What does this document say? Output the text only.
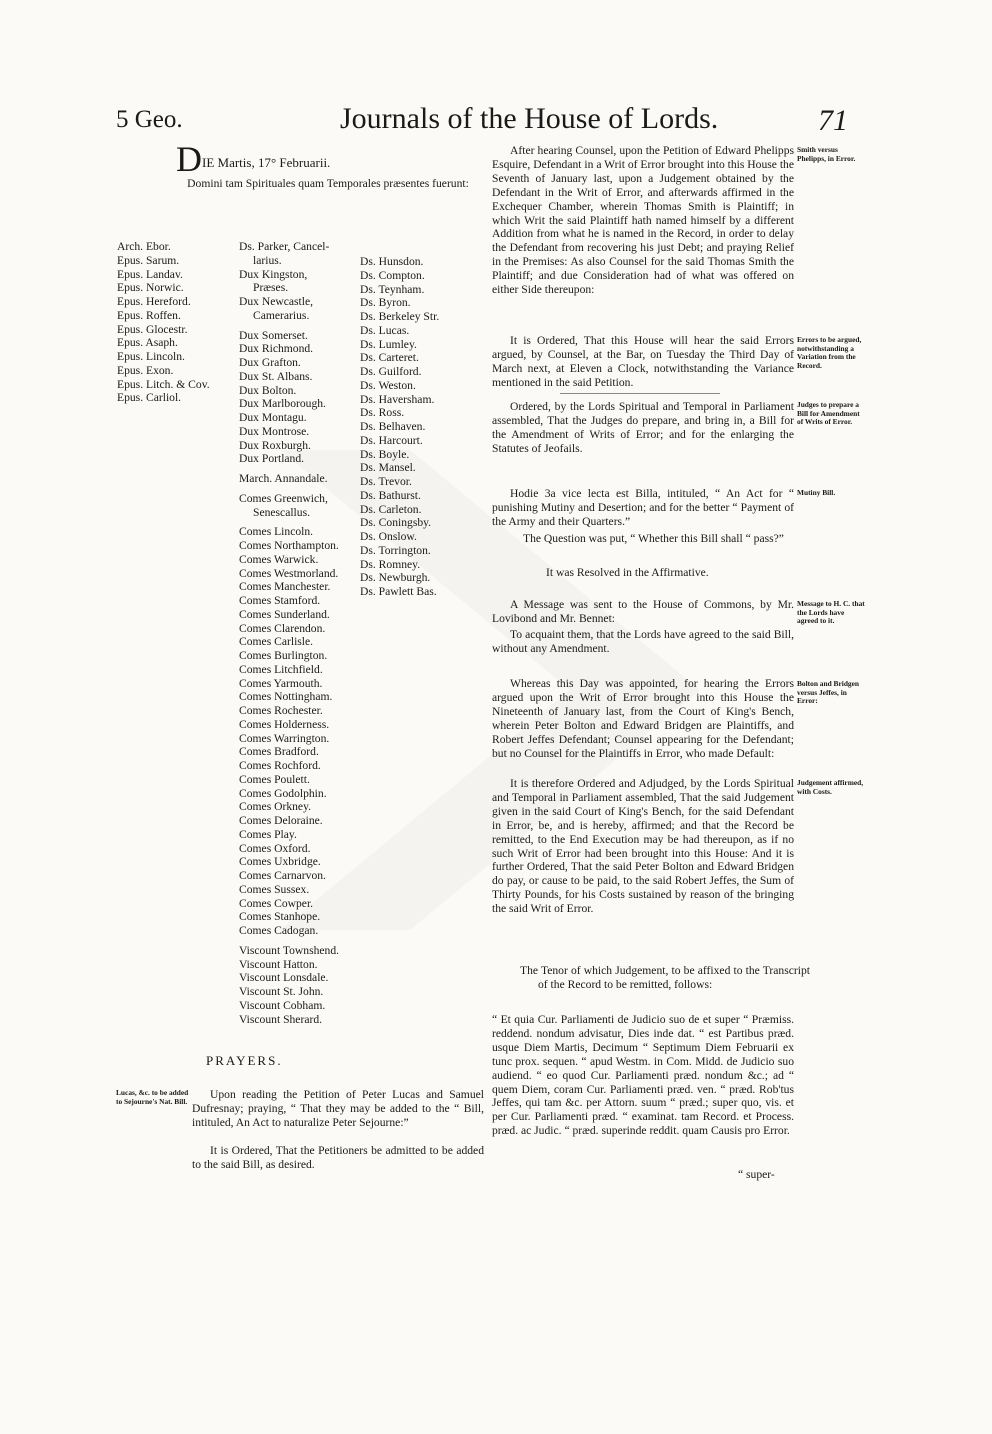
5 Geo.	Journals of the House of Lords.	71
DIE Martis, 17° Februarii.
Domini tam Spirituales quam Temporales præsentes fuerunt:
Arch. Ebor.
Epus. Sarum.
Epus. Landav.
Epus. Norwic.
Epus. Hereford.
Epus. Roffen.
Epus. Glocestr.
Epus. Asaph.
Epus. Lincoln.
Epus. Exon.
Epus. Litch. & Cov.
Epus. Carliol.
Ds. Parker, Cancel-
larius.
Dux Kingston,
Præses.
Dux Newcastle,
Camerarius.
Dux Somerset.
Dux Richmond.
Dux Grafton.
Dux St. Albans.
Dux Bolton.
Dux Marlborough.
Dux Montagu.
Dux Montrose.
Dux Roxburgh.
Dux Portland.
March. Annandale.
Comes Greenwich,
Senescallus.
Comes Lincoln.
Comes Northampton.
Comes Warwick.
Comes Westmorland.
Comes Manchester.
Comes Stamford.
Comes Sunderland.
Comes Clarendon.
Comes Carlisle.
Comes Burlington.
Comes Litchfield.
Comes Yarmouth.
Comes Nottingham.
Comes Rochester.
Comes Holderness.
Comes Warrington.
Comes Bradford.
Comes Rochford.
Comes Poulett.
Comes Godolphin.
Comes Orkney.
Comes Deloraine.
Comes Play.
Comes Oxford.
Comes Uxbridge.
Comes Carnarvon.
Comes Sussex.
Comes Cowper.
Comes Stanhope.
Comes Cadogan.
Viscount Townshend.
Viscount Hatton.
Viscount Lonsdale.
Viscount St. John.
Viscount Cobham.
Viscount Sherard.
Ds. Hunsdon.
Ds. Compton.
Ds. Teynham.
Ds. Byron.
Ds. Berkeley Str.
Ds. Lucas.
Ds. Lumley.
Ds. Carteret.
Ds. Guilford.
Ds. Weston.
Ds. Haversham.
Ds. Ross.
Ds. Belhaven.
Ds. Harcourt.
Ds. Boyle.
Ds. Mansel.
Ds. Trevor.
Ds. Bathurst.
Ds. Carleton.
Ds. Coningsby.
Ds. Onslow.
Ds. Torrington.
Ds. Romney.
Ds. Newburgh.
Ds. Pawlett Bas.
PRAYERS.
Lucas, &c. to be added to Sejourne's Nat. Bill.

Upon reading the Petition of Peter Lucas and Samuel Dufresnay; praying, “ That they may be added to the “ Bill, intituled, An Act to naturalize Peter Sejourne:”

It is Ordered, That the Petitioners be admitted to be added to the said Bill, as desired.

After hearing Counsel, upon the Petition of Edward Phelipps Esquire, Defendant in a Writ of Error brought into this House the Seventh of January last, upon a Judgement obtained by the Defendant in the Writ of Error, and afterwards affirmed in the Exchequer Chamber, wherein Thomas Smith is Plaintiff; in which Writ the said Plaintiff hath named himself by a different Addition from what he is named in the Record, in order to delay the Defendant from recovering his just Debt; and praying Relief in the Premises: As also Counsel for the said Thomas Smith the Plaintiff; and due Consideration had of what was offered on either Side thereupon:

Smith versus Phelipps, in Error.

It is Ordered, That this House will hear the said Errors argued, by Counsel, at the Bar, on Tuesday the Third Day of March next, at Eleven a Clock, notwithstanding the Variance mentioned in the said Petition.

Errors to be argued, notwithstanding a Variation from the Record.

Ordered, by the Lords Spiritual and Temporal in Parliament assembled, That the Judges do prepare, and bring in, a Bill for the Amendment of Writs of Error; and for the enlarging the Statutes of Jeofails.

Judges to prepare a Bill for Amendment of Writs of Error.

Hodie 3a vice lecta est Billa, intituled, “ An Act for “ punishing Mutiny and Desertion; and for the better “ Payment of the Army and their Quarters.”

Mutiny Bill.

The Question was put, “ Whether this Bill shall “ pass?”

It was Resolved in the Affirmative.

A Message was sent to the House of Commons, by Mr. Lovibond and Mr. Bennet:

Message to H. C. that the Lords have agreed to it.

To acquaint them, that the Lords have agreed to the said Bill, without any Amendment.

Whereas this Day was appointed, for hearing the Errors argued upon the Writ of Error brought into this House the Nineteenth of January last, from the Court of King's Bench, wherein Peter Bolton and Edward Bridgen are Plaintiffs, and Robert Jeffes Defendant; Counsel appearing for the Defendant; but no Counsel for the Plaintiffs in Error, who made Default:

Bolton and Bridgen versus Jeffes, in Error:

It is therefore Ordered and Adjudged, by the Lords Spiritual and Temporal in Parliament assembled, That the said Judgement given in the said Court of King's Bench, for the said Defendant in Error, be, and is hereby, affirmed; and that the Record be remitted, to the End Execution may be had thereupon, as if no such Writ of Error had been brought into this House: And it is further Ordered, That the said Peter Bolton and Edward Bridgen do pay, or cause to be paid, to the said Robert Jeffes, the Sum of Thirty Pounds, for his Costs sustained by reason of the bringing the said Writ of Error.

Judgement affirmed, with Costs.

The Tenor of which Judgement, to be affixed to the Transcript of the Record to be remitted, follows:

“ Et quia Cur. Parliamenti de Judicio suo de et super “ Præmiss. reddend. nondum advisatur, Dies inde dat. “ est Partibus præd. usque Diem Martis, Decimum “ Septimum Diem Februarii ex tunc prox. sequen. “ apud Westm. in Com. Midd. de Judicio suo audiend. “ eo quod Cur. Parliamenti præd. nondum &c.; ad “ quem Diem, coram Cur. Parliamenti præd. ven. “ præd. Rob'tus Jeffes, qui tam &c. per Attorn. suum “ præd.; super quo, vis. et per Cur. Parliamenti præd. “ examinat. tam Record. et Process. præd. ac Judic. “ præd. superinde reddit. quam Causis pro Error.

“ super-
